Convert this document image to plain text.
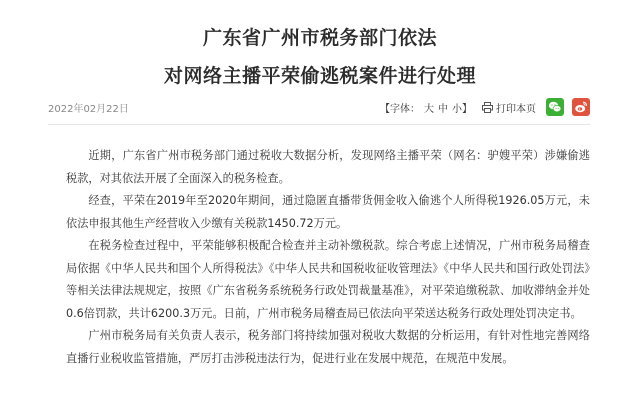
广东省广州市税务部门依法
对网络主播平荣偷逃税案件进行处理
2022年02月22日	【字体： 大 中 小】 打印本页

近期，广东省广州市税务部门通过税收大数据分析，发现网络主播平荣（网名：驴嫂平荣）涉嫌偷逃税款，对其依法开展了全面深入的税务检查。

经查，平荣在2019年至2020年期间，通过隐匿直播带货佣金收入偷逃个人所得税1926.05万元，未依法申报其他生产经营收入少缴有关税款1450.72万元。

在税务检查过程中，平荣能够积极配合检查并主动补缴税款。综合考虑上述情况，广州市税务局稽查局依据《中华人民共和国个人所得税法》《中华人民共和国税收征收管理法》《中华人民共和国行政处罚法》等相关法律法规规定，按照《广东省税务系统税务行政处罚裁量基准》，对平荣追缴税款、加收滞纳金并处0.6倍罚款，共计6200.3万元。日前，广州市税务局稽查局已依法向平荣送达税务行政处理处罚决定书。

广州市税务局有关负责人表示，税务部门将持续加强对税收大数据的分析运用，有针对性地完善网络直播行业税收监管措施，严厉打击涉税违法行为，促进行业在发展中规范，在规范中发展。
